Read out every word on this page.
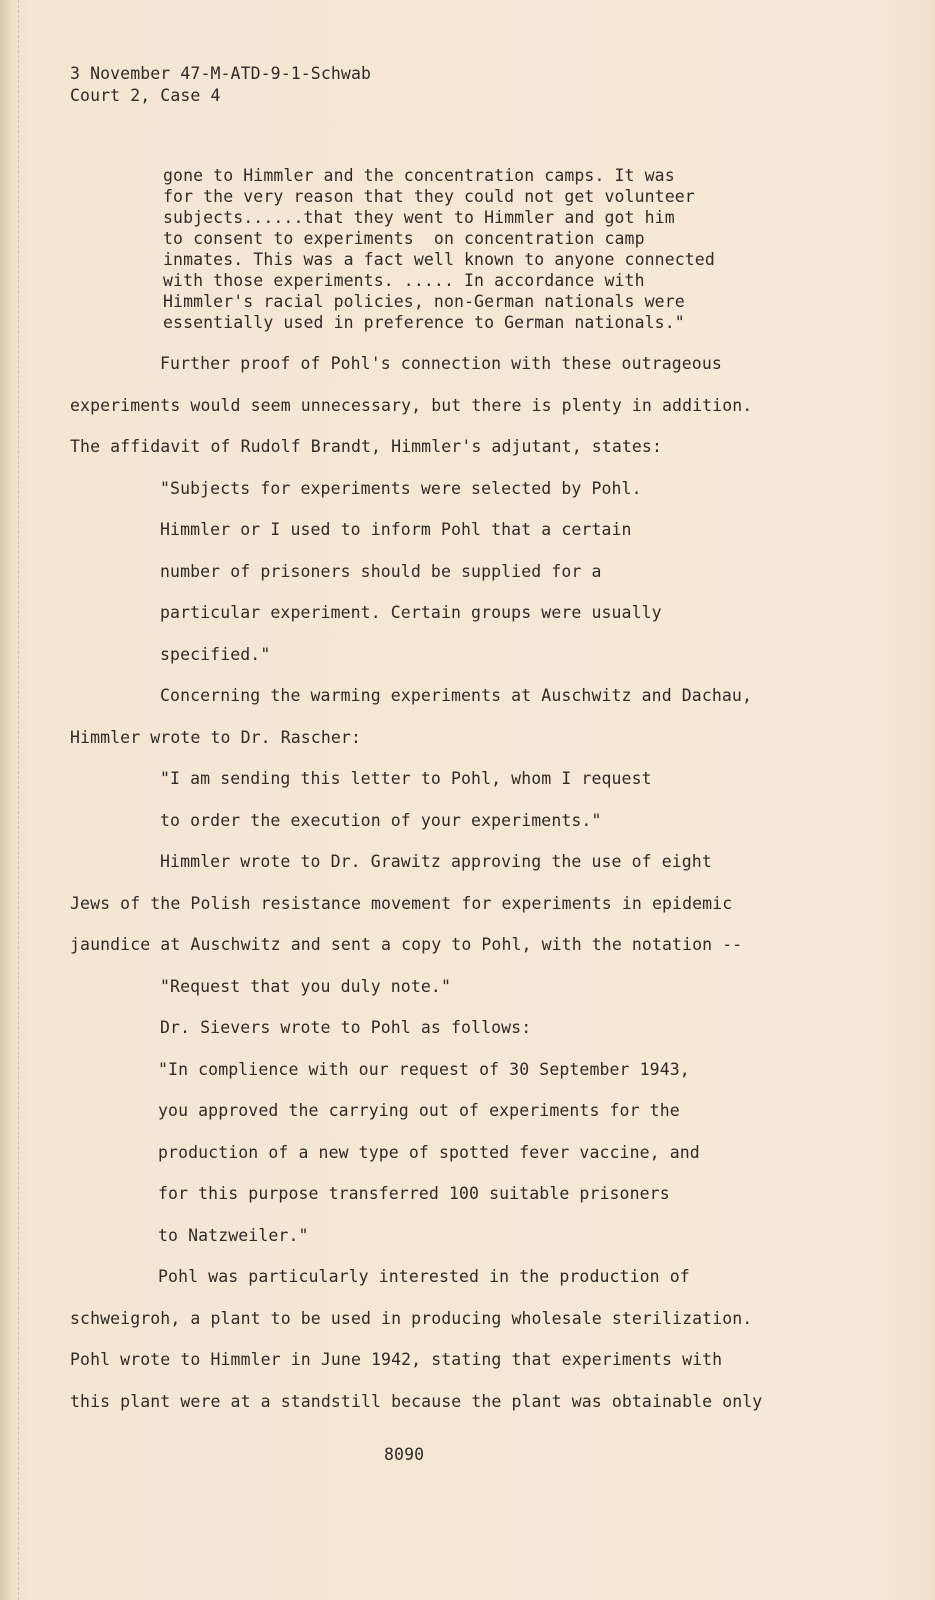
3 November 47-M-ATD-9-1-Schwab
Court 2, Case 4
gone to Himmler and the concentration camps. It was
for the very reason that they could not get volunteer
subjects......that they went to Himmler and got him
to consent to experiments  on concentration camp
inmates. This was a fact well known to anyone connected
with those experiments. ..... In accordance with
Himmler's racial policies, non-German nationals were
essentially used in preference to German nationals."
Further proof of Pohl's connection with these outrageous
experiments would seem unnecessary, but there is plenty in addition.
The affidavit of Rudolf Brandt, Himmler's adjutant, states:
"Subjects for experiments were selected by Pohl.
Himmler or I used to inform Pohl that a certain
number of prisoners should be supplied for a
particular experiment. Certain groups were usually
specified."
Concerning the warming experiments at Auschwitz and Dachau,
Himmler wrote to Dr. Rascher:
"I am sending this letter to Pohl, whom I request
to order the execution of your experiments."
Himmler wrote to Dr. Grawitz approving the use of eight
Jews of the Polish resistance movement for experiments in epidemic
jaundice at Auschwitz and sent a copy to Pohl, with the notation --
"Request that you duly note."
Dr. Sievers wrote to Pohl as follows:
"In complience with our request of 30 September 1943,
you approved the carrying out of experiments for the
production of a new type of spotted fever vaccine, and
for this purpose transferred 100 suitable prisoners
to Natzweiler."
Pohl was particularly interested in the production of
schweigroh, a plant to be used in producing wholesale sterilization.
Pohl wrote to Himmler in June 1942, stating that experiments with
this plant were at a standstill because the plant was obtainable only
8090
